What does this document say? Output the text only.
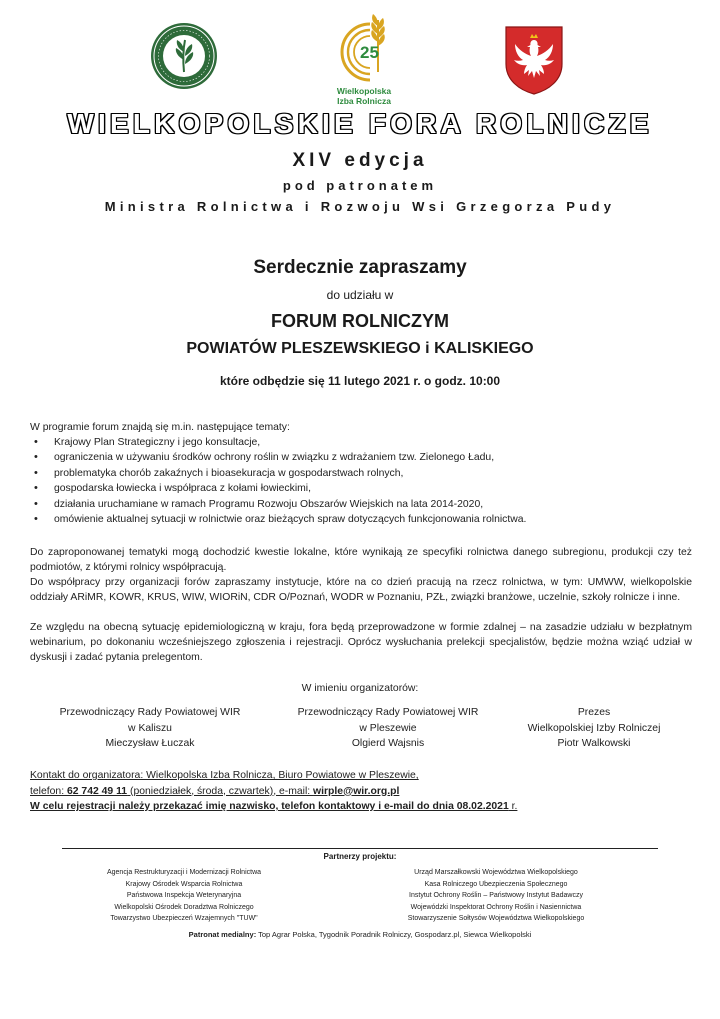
25
Wielkopolska
Izba Rolnicza
WIELKOPOLSKIE FORA ROLNICZE
XIV edycja
pod patronatem
Ministra Rolnictwa i Rozwoju Wsi Grzegorza Pudy
Serdecznie zapraszamy
do udziału w
FORUM ROLNICZYM
POWIATÓW PLESZEWSKIEGO i KALISKIEGO
które odbędzie się 11 lutego 2021 r. o godz. 10:00
W programie forum znajdą się m.in. następujące tematy:
• Krajowy Plan Strategiczny i jego konsultacje,
• ograniczenia w używaniu środków ochrony roślin w związku z wdrażaniem tzw. Zielonego Ładu,
• problematyka chorób zakaźnych i bioasekuracja w gospodarstwach rolnych,
• gospodarska łowiecka i współpraca z kołami łowieckimi,
• działania uruchamiane w ramach Programu Rozwoju Obszarów Wiejskich na lata 2014-2020,
• omówienie aktualnej sytuacji w rolnictwie oraz bieżących spraw dotyczących funkcjonowania rolnictwa.
Do zaproponowanej tematyki mogą dochodzić kwestie lokalne, które wynikają ze specyfiki rolnictwa danego subregionu, produkcji czy też podmiotów, z którymi rolnicy współpracują.
Do współpracy przy organizacji forów zapraszamy instytucje, które na co dzień pracują na rzecz rolnictwa, w tym: UMWW, wielkopolskie oddziały ARiMR, KOWR, KRUS, WIW, WIORiN, CDR O/Poznań, WODR w Poznaniu, PZŁ, związki branżowe, uczelnie, szkoły rolnicze i inne.
Ze względu na obecną sytuację epidemiologiczną w kraju, fora będą przeprowadzone w formie zdalnej – na zasadzie udziału w bezpłatnym webinarium, po dokonaniu wcześniejszego zgłoszenia i rejestracji. Oprócz wysłuchania prelekcji specjalistów, będzie można wziąć udział w dyskusji i zadać pytania prelegentom.
W imieniu organizatorów:
Przewodniczący Rady Powiatowej WIR
w Kaliszu
Mieczysław Łuczak
Przewodniczący Rady Powiatowej WIR
w Pleszewie
Olgierd Wajsnis
Prezes
Wielkopolskiej Izby Rolniczej
Piotr Walkowski
Kontakt do organizatora: Wielkopolska Izba Rolnicza, Biuro Powiatowe w Pleszewie,
telefon: 62 742 49 11 (poniedziałek, środa, czwartek), e-mail: wirple@wir.org.pl
W celu rejestracji należy przekazać imię nazwisko, telefon kontaktowy i e-mail do dnia 08.02.2021 r.
Partnerzy projektu:
Agencja Restrukturyzacji i Modernizacji Rolnictwa
Krajowy Ośrodek Wsparcia Rolnictwa
Państwowa Inspekcja Weterynaryjna
Wielkopolski Ośrodek Doradztwa Rolniczego
Towarzystwo Ubezpieczeń Wzajemnych "TUW"
Urząd Marszałkowski Województwa Wielkopolskiego
Kasa Rolniczego Ubezpieczenia Społecznego
Instytut Ochrony Roślin – Państwowy Instytut Badawczy
Wojewódzki Inspektorat Ochrony Roślin i Nasiennictwa
Stowarzyszenie Sołtysów Województwa Wielkopolskiego
Patronat medialny: Top Agrar Polska, Tygodnik Poradnik Rolniczy, Gospodarz.pl, Siewca Wielkopolski
